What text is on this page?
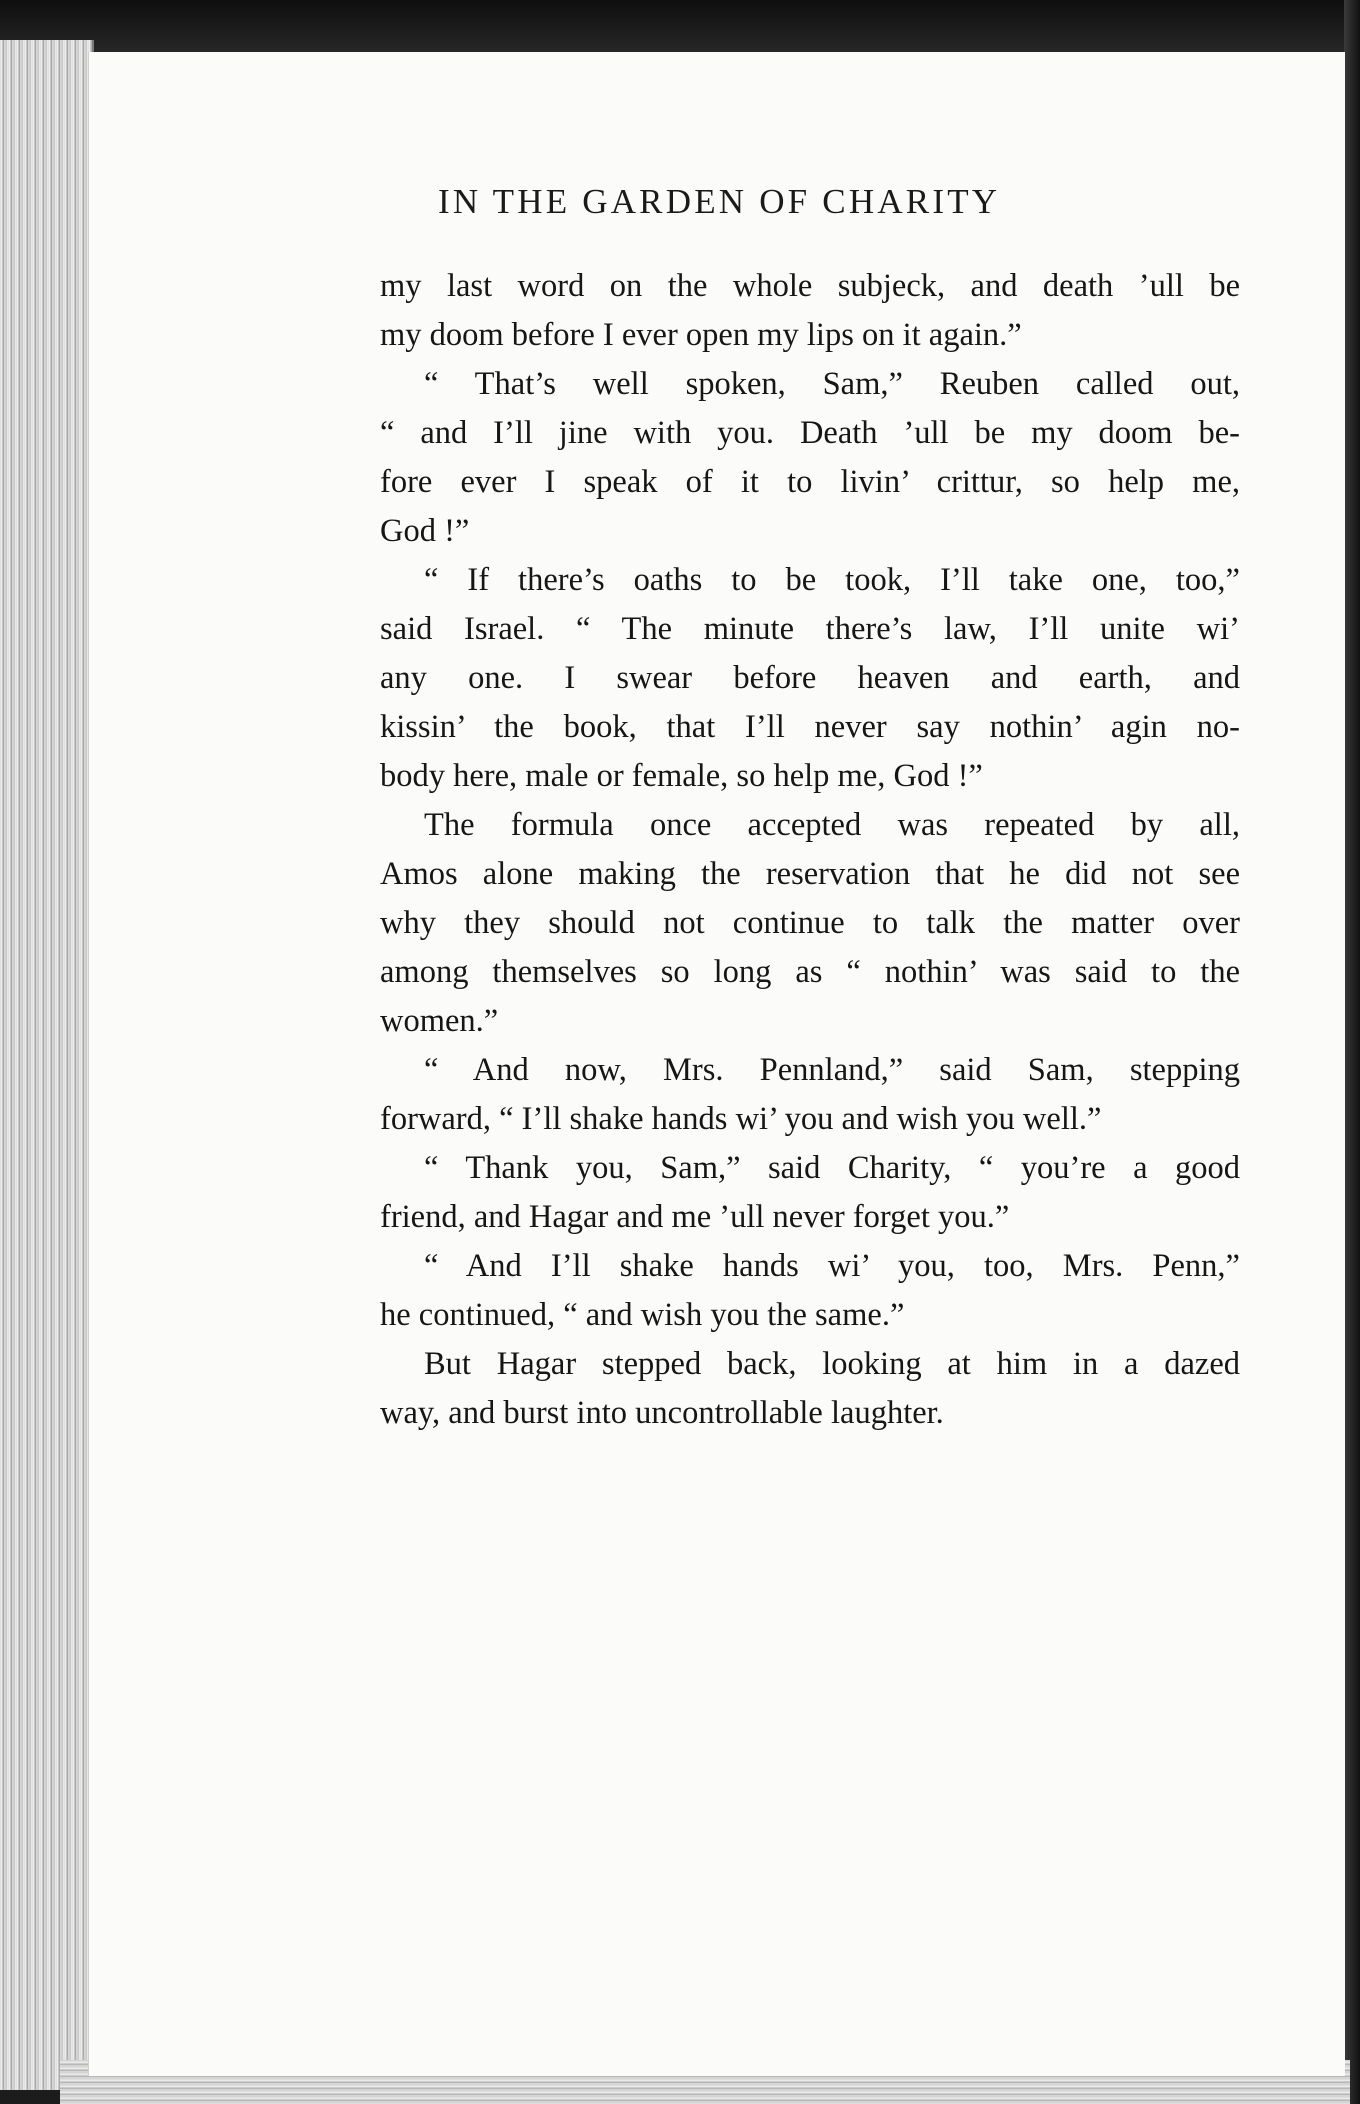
IN THE GARDEN OF CHARITY

my last word on the whole subjeck, and death ’ull be

my doom before I ever open my lips on it again.”

“ That’s well spoken, Sam,” Reuben called out,

“ and I’ll jine with you. Death ’ull be my doom be-

fore ever I speak of it to livin’ crittur, so help me,

God !”

“ If there’s oaths to be took, I’ll take one, too,”

said Israel. “ The minute there’s law, I’ll unite wi’

any one. I swear before heaven and earth, and

kissin’ the book, that I’ll never say nothin’ agin no-

body here, male or female, so help me, God !”

The formula once accepted was repeated by all,

Amos alone making the reservation that he did not see

why they should not continue to talk the matter over

among themselves so long as “ nothin’ was said to the

women.”

“ And now, Mrs. Pennland,” said Sam, stepping

forward, “ I’ll shake hands wi’ you and wish you well.”

“ Thank you, Sam,” said Charity, “ you’re a good

friend, and Hagar and me ’ull never forget you.”

“ And I’ll shake hands wi’ you, too, Mrs. Penn,”

he continued, “ and wish you the same.”

But Hagar stepped back, looking at him in a dazed

way, and burst into uncontrollable laughter.
